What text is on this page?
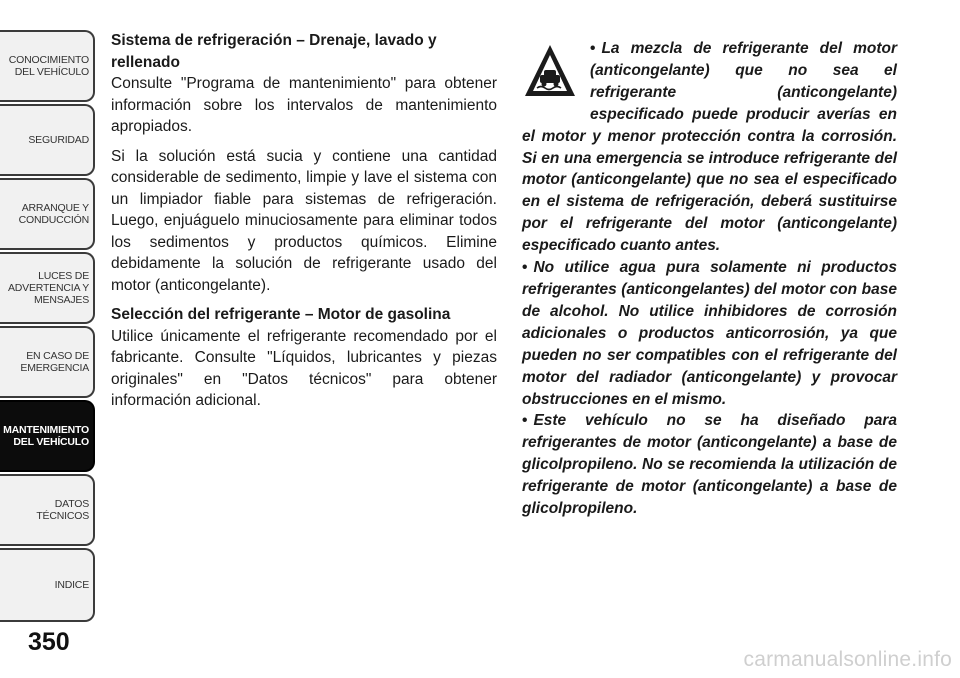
CONOCIMIENTO
DEL VEHÍCULO
SEGURIDAD
ARRANQUE Y
CONDUCCIÓN
LUCES DE
ADVERTENCIA Y
MENSAJES
EN CASO DE
EMERGENCIA
MANTENIMIENTO
DEL VEHÍCULO
DATOS
TÉCNICOS
INDICE
350
Sistema de refrigeración – Drenaje, lavado y rellenado

Consulte "Programa de mantenimiento" para obtener información sobre los intervalos de mantenimiento apropiados.

Si la solución está sucia y contiene una cantidad considerable de sedimento, limpie y lave el sistema con un limpiador fiable para sistemas de refrigeración. Luego, enjuáguelo minuciosamente para eliminar todos los sedimentos y productos químicos. Elimine debidamente la solución de refrigerante usado del motor (anticongelante).

Selección del refrigerante – Motor de gasolina

Utilice únicamente el refrigerante recomendado por el fabricante. Consulte "Líquidos, lubricantes y piezas originales" en "Datos técnicos" para obtener información adicional.

• La mezcla de refrigerante del motor (anticongelante) que no sea el refrigerante (anticongelante) especificado puede producir averías en el motor y menor protección contra la corrosión. Si en una emergencia se introduce refrigerante del motor (anticongelante) que no sea el especificado en el sistema de refrigeración, deberá sustituirse por el refrigerante del motor (anticongelante) especificado cuanto antes.

• No utilice agua pura solamente ni productos refrigerantes (anticongelantes) del motor con base de alcohol. No utilice inhibidores de corrosión adicionales o productos anticorrosión, ya que pueden no ser compatibles con el refrigerante del motor del radiador (anticongelante) y provocar obstrucciones en el mismo.

• Este vehículo no se ha diseñado para refrigerantes de motor (anticongelante) a base de glicolpropileno. No se recomienda la utilización de refrigerante de motor (anticongelante) a base de glicolpropileno.

carmanualsonline.info
